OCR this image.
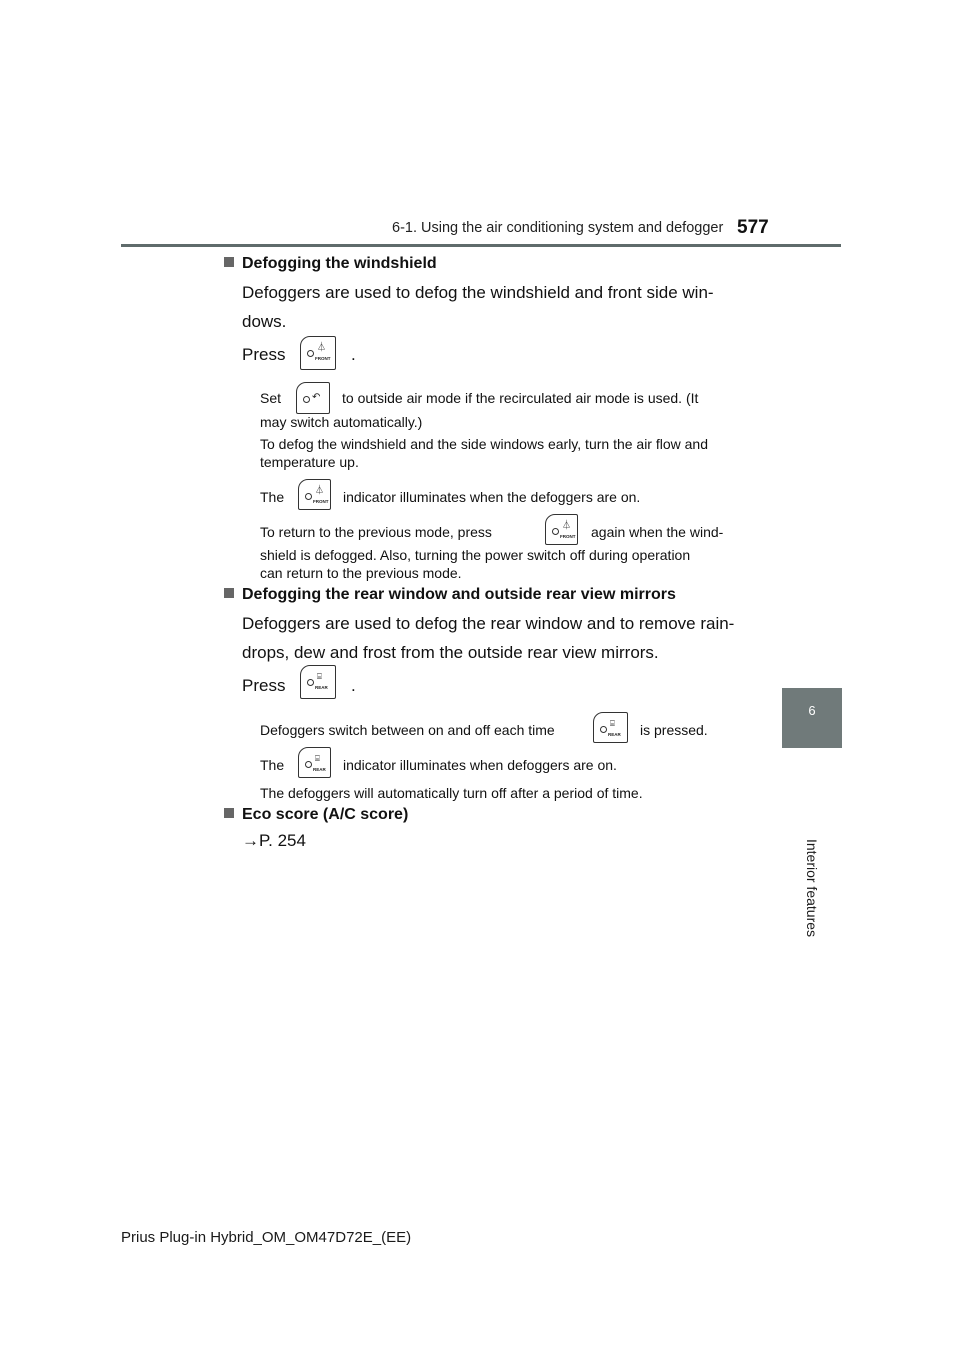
6-1. Using the air conditioning system and defogger 577
6
Interior features
Defogging the windshield
Defoggers are used to defog the windshield and front side win-
dows.
Press	⏃
FRONT .
Set	↶ to outside air mode if the recirculated air mode is used. (It
may switch automatically.)
To defog the windshield and the side windows early, turn the air flow and
temperature up.
The	⏃
FRONT indicator illuminates when the defoggers are on.
To return to the previous mode, press	⏃
FRONT again when the wind-
shield is defogged. Also, turning the power switch off during operation
can return to the previous mode.
Defogging the rear window and outside rear view mirrors
Defoggers are used to defog the rear window and to remove rain-
drops, dew and frost from the outside rear view mirrors.
Press	⌸
REAR .
Defoggers switch between on and off each time	⌸
REAR is pressed.
The	⌸
REAR indicator illuminates when defoggers are on.
The defoggers will automatically turn off after a period of time.
Eco score (A/C score)
→P. 254
Prius Plug-in Hybrid_OM_OM47D72E_(EE)
